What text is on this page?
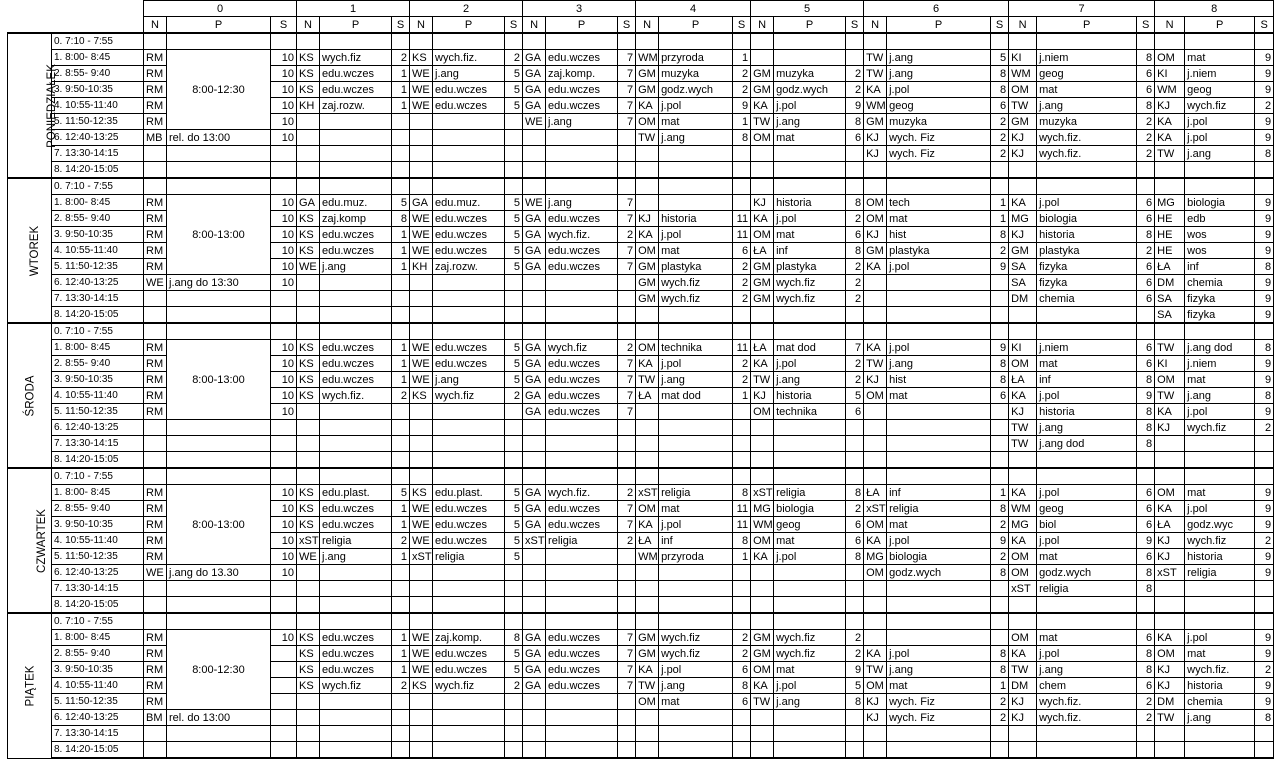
		0			1			2			3			4			5			6			7			8		
		N	P	S	N	P	S	N	P	S	N	P	S	N	P	S	N	P	S	N	P	S	N	P	S	N	P	S
PONIEDZIAŁEK	0. 7:10 - 7:55																											
	1. 8:00- 8:45	RM	8:00-12:30	10	KS	wych.fiz	2	KS	wych.fiz.	2	GA	edu.wczes	7	WM	przyroda	1				TW	j.ang	5	KI	j.niem	8	OM	mat	9
	2. 8:55- 9:40	RM		10	KS	edu.wczes	1	WE	j.ang	5	GA	zaj.komp.	7	GM	muzyka	2	GM	muzyka	2	TW	j.ang	8	WM	geog	6	KI	j.niem	9
	3. 9:50-10:35	RM		10	KS	edu.wczes	1	WE	edu.wczes	5	GA	edu.wczes	7	GM	godz.wych	2	GM	godz.wych	2	KA	j.pol	8	OM	mat	6	WM	geog	9
	4. 10:55-11:40	RM		10	KH	zaj.rozw.	1	WE	edu.wczes	5	GA	edu.wczes	7	KA	j.pol	9	KA	j.pol	9	WM	geog	6	TW	j.ang	8	KJ	wych.fiz	2
	5. 11:50-12:35	RM		10							WE	j.ang	7	OM	mat	1	TW	j.ang	8	GM	muzyka	2	GM	muzyka	2	KA	j.pol	9
	6. 12:40-13:25	MB	rel. do 13:00	10										TW	j.ang	8	OM	mat	6	KJ	wych. Fiz	2	KJ	wych.fiz.	2	KA	j.pol	9
	7. 13:30-14:15																			KJ	wych. Fiz	2	KJ	wych.fiz.	2	TW	j.ang	8
	8. 14:20-15:05																											
WTOREK	0. 7:10 - 7:55																											
	1. 8:00- 8:45	RM	8:00-13:00	10	GA	edu.muz.	5	GA	edu.muz.	5	WE	j.ang	7				KJ	historia	8	OM	tech	1	KA	j.pol	6	MG	biologia	9
	2. 8:55- 9:40	RM		10	KS	zaj.komp	8	WE	edu.wczes	5	GA	edu.wczes	7	KJ	historia	11	KA	j.pol	2	OM	mat	1	MG	biologia	6	HE	edb	9
	3. 9:50-10:35	RM		10	KS	edu.wczes	1	WE	edu.wczes	5	GA	wych.fiz.	2	KA	j.pol	11	OM	mat	6	KJ	hist	8	KJ	historia	8	HE	wos	9
	4. 10:55-11:40	RM		10	KS	edu.wczes	1	WE	edu.wczes	5	GA	edu.wczes	7	OM	mat	6	ŁA	inf	8	GM	plastyka	2	GM	plastyka	2	HE	wos	9
	5. 11:50-12:35	RM		10	WE	j.ang	1	KH	zaj.rozw.	5	GA	edu.wczes	7	GM	plastyka	2	GM	plastyka	2	KA	j.pol	9	SA	fizyka	6	ŁA	inf	8
	6. 12:40-13:25	WE	j.ang do 13:30	10										GM	wych.fiz	2	GM	wych.fiz	2				SA	fizyka	6	DM	chemia	9
	7. 13:30-14:15													GM	wych.fiz	2	GM	wych.fiz	2				DM	chemia	6	SA	fizyka	9
	8. 14:20-15:05																									SA	fizyka	9
ŚRODA	0. 7:10 - 7:55																											
	1. 8:00- 8:45	RM	8:00-13:00	10	KS	edu.wczes	1	WE	edu.wczes	5	GA	wych.fiz	2	OM	technika	11	ŁA	mat dod	7	KA	j.pol	9	KI	j.niem	6	TW	j.ang dod	8
	2. 8:55- 9:40	RM		10	KS	edu.wczes	1	WE	edu.wczes	5	GA	edu.wczes	7	KA	j.pol	2	KA	j.pol	2	TW	j.ang	8	OM	mat	6	KI	j.niem	9
	3. 9:50-10:35	RM		10	KS	edu.wczes	1	WE	j.ang	5	GA	edu.wczes	7	TW	j.ang	2	TW	j.ang	2	KJ	hist	8	ŁA	inf	8	OM	mat	9
	4. 10:55-11:40	RM		10	KS	wych.fiz.	2	KS	wych.fiz	2	GA	edu.wczes	7	ŁA	mat dod	1	KJ	historia	5	OM	mat	6	KA	j.pol	9	TW	j.ang	8
	5. 11:50-12:35	RM		10							GA	edu.wczes	7				OM	technika	6				KJ	historia	8	KA	j.pol	9
	6. 12:40-13:25																						TW	j.ang	8	KJ	wych.fiz	2
	7. 13:30-14:15																						TW	j.ang dod	8			
	8. 14:20-15:05																											
CZWARTEK	0. 7:10 - 7:55																											
	1. 8:00- 8:45	RM	8:00-13:00	10	KS	edu.plast.	5	KS	edu.plast.	5	GA	wych.fiz.	2	xST	religia	8	xST	religia	8	ŁA	inf	1	KA	j.pol	6	OM	mat	9
	2. 8:55- 9:40	RM		10	KS	edu.wczes	1	WE	edu.wczes	5	GA	edu.wczes	7	OM	mat	11	MG	biologia	2	xST	religia	8	WM	geog	6	KA	j.pol	9
	3. 9:50-10:35	RM		10	KS	edu.wczes	1	WE	edu.wczes	5	GA	edu.wczes	7	KA	j.pol	11	WM	geog	6	OM	mat	2	MG	biol	6	ŁA	godz.wyc	9
	4. 10:55-11:40	RM		10	xST	religia	2	WE	edu.wczes	5	xST	religia	2	ŁA	inf	8	OM	mat	6	KA	j.pol	9	KA	j.pol	9	KJ	wych.fiz	2
	5. 11:50-12:35	RM		10	WE	j.ang	1	xST	religia	5				WM	przyroda	1	KA	j.pol	8	MG	biologia	2	OM	mat	6	KJ	historia	9
	6. 12:40-13:25	WE	j.ang do 13.30	10																OM	godz.wych	8	OM	godz.wych	8	xST	religia	9
	7. 13:30-14:15																						xST	religia	8			
	8. 14:20-15:05																											
PIĄTEK	0. 7:10 - 7:55																											
	1. 8:00- 8:45	RM	8:00-12:30	10	KS	edu.wczes	1	WE	zaj.komp.	8	GA	edu.wczes	7	GM	wych.fiz	2	GM	wych.fiz	2				OM	mat	6	KA	j.pol	9
	2. 8:55- 9:40	RM			KS	edu.wczes	1	WE	edu.wczes	5	GA	edu.wczes	7	GM	wych.fiz	2	GM	wych.fiz	2	KA	j.pol	8	KA	j.pol	8	OM	mat	9
	3. 9:50-10:35	RM			KS	edu.wczes	1	WE	edu.wczes	5	GA	edu.wczes	7	KA	j.pol	6	OM	mat	9	TW	j.ang	8	TW	j.ang	8	KJ	wych.fiz.	2
	4. 10:55-11:40	RM			KS	wych.fiz	2	KS	wych.fiz	2	GA	edu.wczes	7	TW	j.ang	8	KA	j.pol	5	OM	mat	1	DM	chem	6	KJ	historia	9
	5. 11:50-12:35	RM												OM	mat	6	TW	j.ang	8	KJ	wych. Fiz	2	KJ	wych.fiz.	2	DM	chemia	9
	6. 12:40-13:25	BM	rel. do 13:00																	KJ	wych. Fiz	2	KJ	wych.fiz.	2	TW	j.ang	8
	7. 13:30-14:15																											
	8. 14:20-15:05																											
